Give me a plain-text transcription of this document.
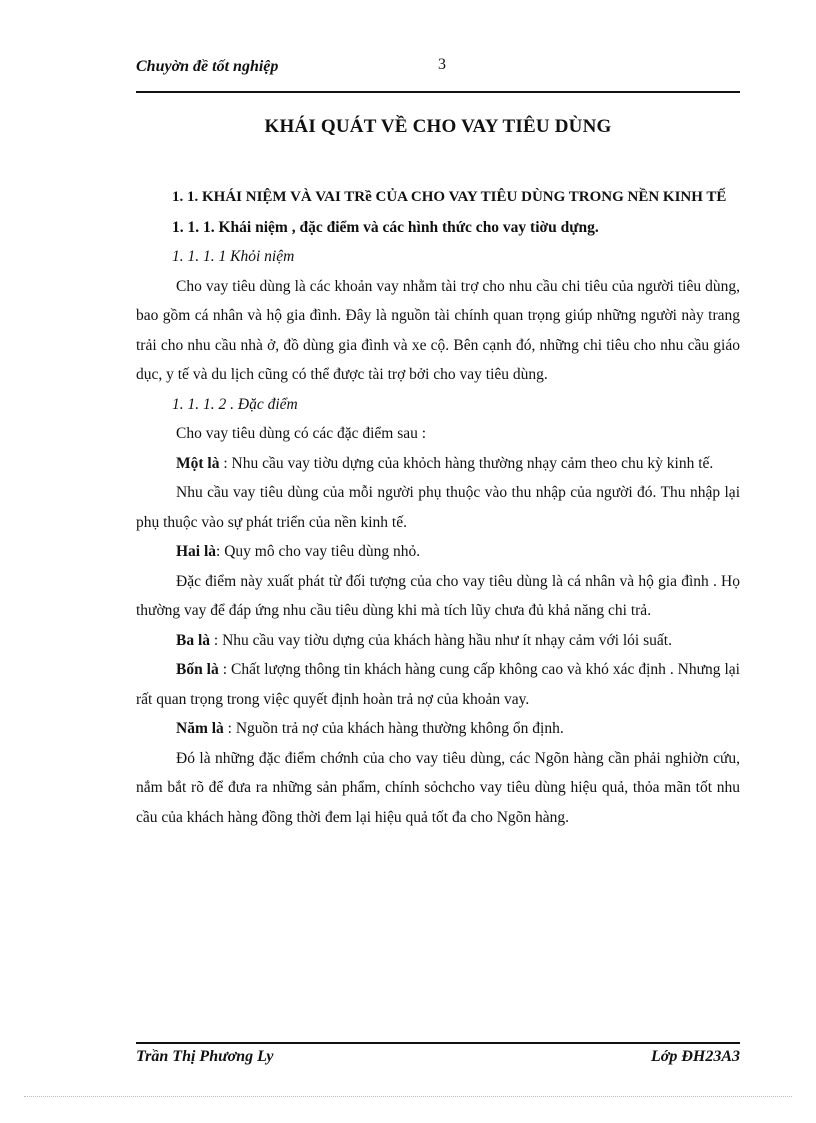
Chuyờn đề tốt nghiệp	3
KHÁI QUÁT VỀ CHO VAY TIÊU DÙNG

1. 1. KHÁI NIỆM VÀ VAI TRề CỦA CHO VAY TIÊU DÙNG TRONG NỀN KINH TẾ

1. 1. 1. Khái niệm , đặc điểm và các hình thức cho vay tiờu dựng.

1. 1. 1. 1 Khỏi niệm

Cho vay tiêu dùng là các khoản vay nhằm tài trợ cho nhu cầu chi tiêu của người tiêu dùng, bao gồm cá nhân và hộ gia đình. Đây là nguồn tài chính quan trọng giúp những người này trang trải cho nhu cầu nhà ở, đồ dùng gia đình và xe cộ. Bên cạnh đó, những chi tiêu cho nhu cầu giáo dục, y tế và du lịch cũng có thể được tài trợ bởi cho vay tiêu dùng.

1. 1. 1. 2 . Đặc điểm

Cho vay tiêu dùng có các đặc điểm sau :

Một là : Nhu cầu vay tiờu dựng của khỏch hàng thường nhạy cảm theo chu kỳ kinh tế.

Nhu cầu vay tiêu dùng của mỗi người phụ thuộc vào thu nhập của người đó. Thu nhập lại phụ thuộc vào sự phát triển của nền kinh tế.

Hai là: Quy mô cho vay tiêu dùng nhỏ.

Đặc điểm này xuất phát từ đối tượng của cho vay tiêu dùng là cá nhân và hộ gia đình . Họ thường vay để đáp ứng nhu cầu tiêu dùng khi mà tích lũy chưa đủ khả năng chi trả.

Ba là : Nhu cầu vay tiờu dựng của khách hàng hầu như ít nhạy cảm với lói suất.

Bốn là : Chất lượng thông tin khách hàng cung cấp không cao và khó xác định . Nhưng lại rất quan trọng trong việc quyết định hoàn trả nợ của khoản vay.

Năm là : Nguồn trả nợ của khách hàng thường không ổn định.

Đó là những đặc điểm chớnh của cho vay tiêu dùng, các Ngõn hàng cần phải nghiờn cứu, nắm bắt rõ để đưa ra những sản phẩm, chính sỏchcho vay tiêu dùng hiệu quả, thỏa mãn tốt nhu cầu của khách hàng đồng thời đem lại hiệu quả tốt đa cho Ngõn hàng.

Trần Thị Phương Ly	Lớp ĐH23A3
